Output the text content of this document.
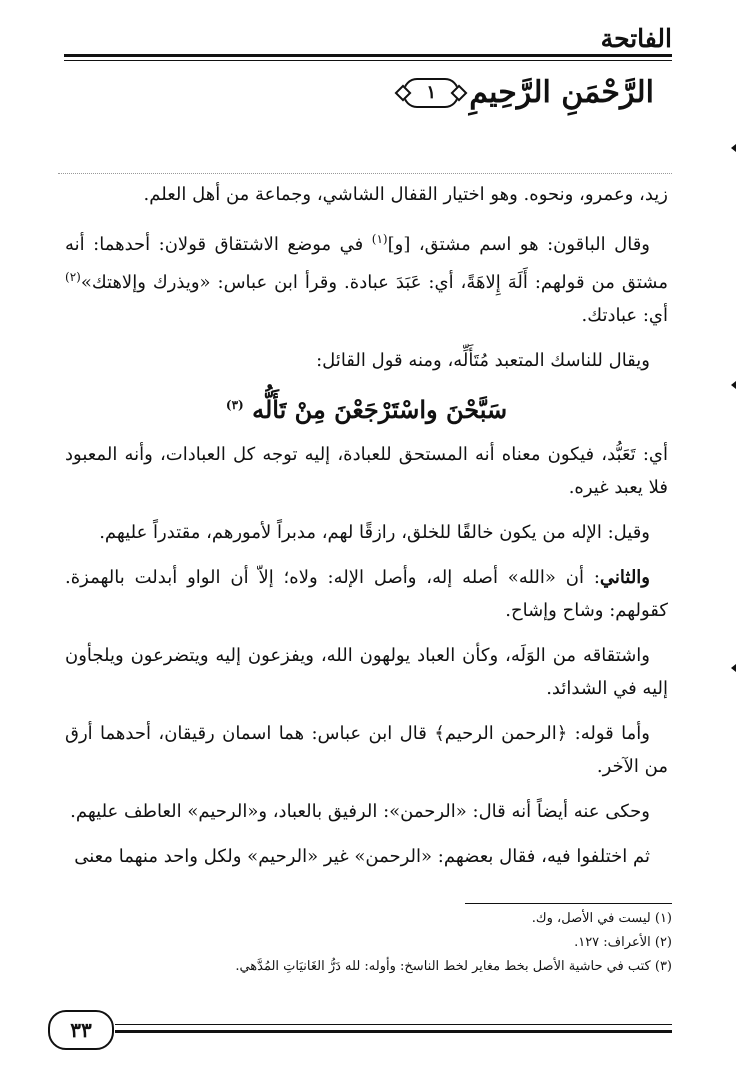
الفاتحة
الرَّحْمَنِ الرَّحِيمِ
١

زيد، وعمرو، ونحوه. وهو اختيار القفال الشاشي، وجماعة من أهل العلم.

وقال الباقون: هو اسم مشتق، [و]$^{(١)}$ في موضع الاشتقاق قولان: أحدهما: أنه مشتق من قولهم: أَلَهَ إِلاهَةً، أي: عَبَدَ عبادة. وقرأ ابن عباس: «ويذرك وإلاهتك»$^{(٢)}$ أي: عبادتك.

ويقال للناسك المتعبد مُتَأَلِّه، ومنه قول القائل:

سَبَّحْنَ واسْتَرْجَعْنَ مِنْ تَأَلُّه $^{(٣)}$

أي: تَعَبُّد، فيكون معناه أنه المستحق للعبادة، إليه توجه كل العبادات، وأنه المعبود فلا يعبد غيره.

وقيل: الإله من يكون خالقًا للخلق، رازقًا لهم، مدبراً لأمورهم، مقتدراً عليهم.

والثاني: أن «الله» أصله إله، وأصل الإله: ولاه؛ إلاّ أن الواو أبدلت بالهمزة. كقولهم: وشاح وإشاح.

واشتقاقه من الوَلَه، وكأن العباد يولهون الله، ويفزعون إليه ويتضرعون ويلجأون إليه في الشدائد.

وأما قوله: ﴿الرحمن الرحيم﴾ قال ابن عباس: هما اسمان رقيقان، أحدهما أرق من الآخر.

وحكى عنه أيضاً أنه قال: «الرحمن»: الرفيق بالعباد، و«الرحيم» العاطف عليهم.

ثم اختلفوا فيه، فقال بعضهم: «الرحمن» غير «الرحيم» ولكل واحد منهما معنى

(١) ليست في الأصل، وك.
(٢) الأعراف: ١٢٧.
(٣) كتب في حاشية الأصل بخط مغاير لخط الناسخ: وأوله: لله دَرُّ الغَانيَاتِ المُدَّهي.
٣٣
